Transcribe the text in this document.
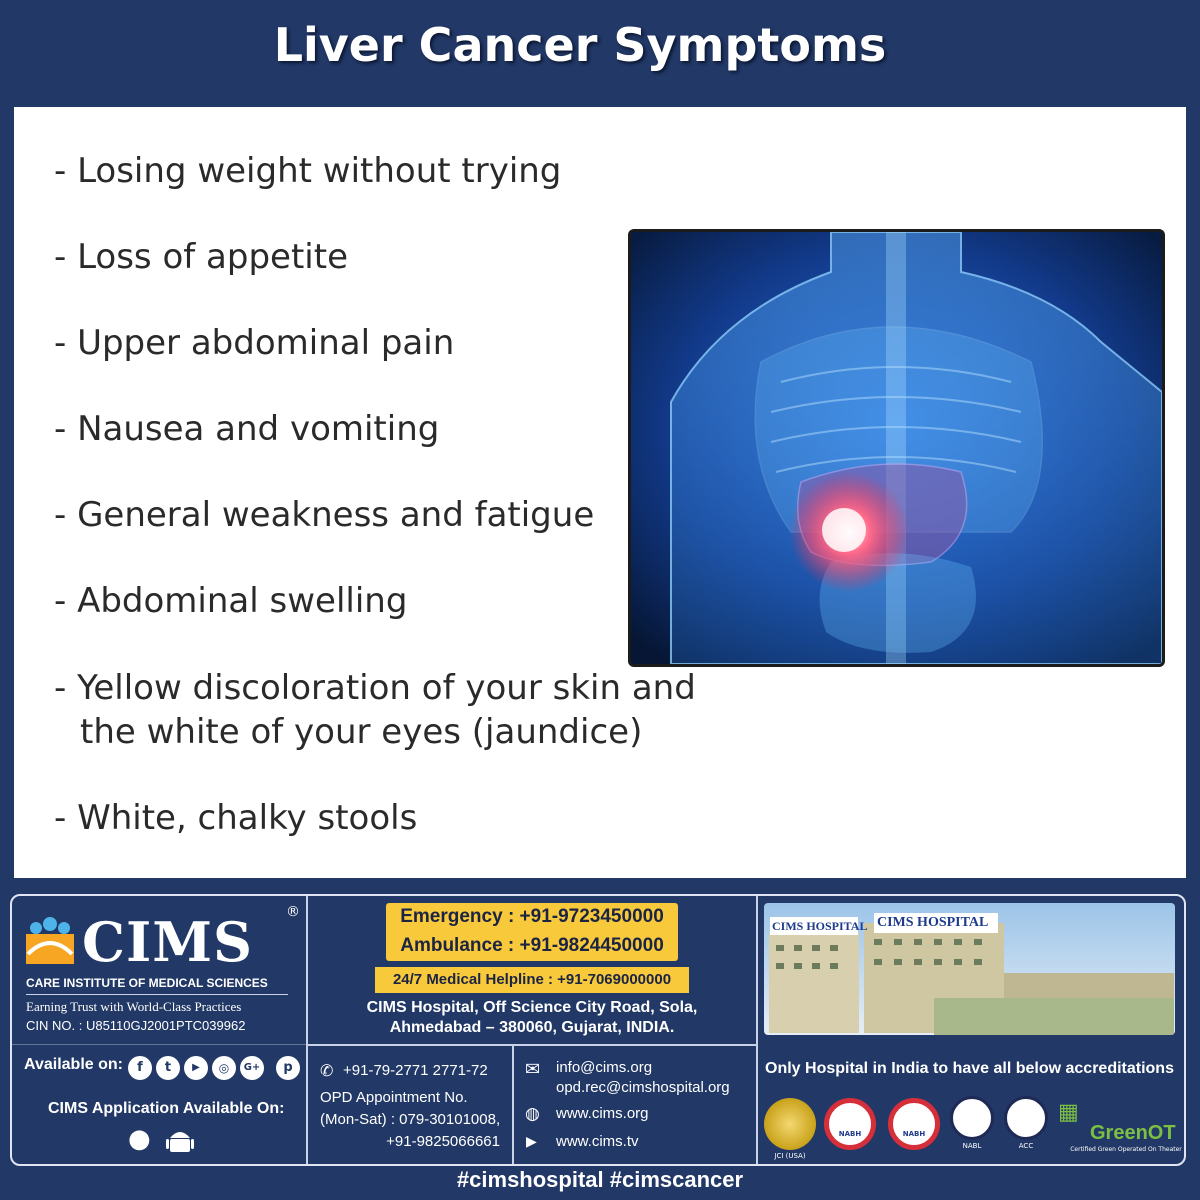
Liver Cancer Symptoms
- Losing weight without trying
- Loss of appetite
- Upper abdominal pain
- Nausea and vomiting
- General weakness and fatigue
- Abdominal swelling
- Yellow discoloration of your skin and
the white of your eyes (jaundice)
- White, chalky stools
CIMS ®
CARE INSTITUTE OF MEDICAL SCIENCES
Earning Trust with World-Class Practices
CIN NO. : U85110GJ2001PTC039962
Available on:	f	t	▶	◎	G+	p
CIMS Application Available On:
●
Emergency : +91-9723450000
Ambulance : +91-9824450000
24/7 Medical Helpline : +91-7069000000
CIMS Hospital, Off Science City Road, Sola,
Ahmedabad – 380060, Gujarat, INDIA.
✆ +91-79-2771 2771-72
OPD Appointment No.
(Mon-Sat) : 079-30101008,
+91-9825066661
✉ info@cims.org
opd.rec@cimshospital.org
◍ www.cims.org
▶ www.cims.tv
CIMS HOSPITAL CIMS HOSPITAL
Only Hospital in India to have all below accreditations
JCI (USA)
NABH	NABH
NABL	ACC
▦
GreenOT
Certified Green Operated On Theater
#cimshospital #cimscancer
